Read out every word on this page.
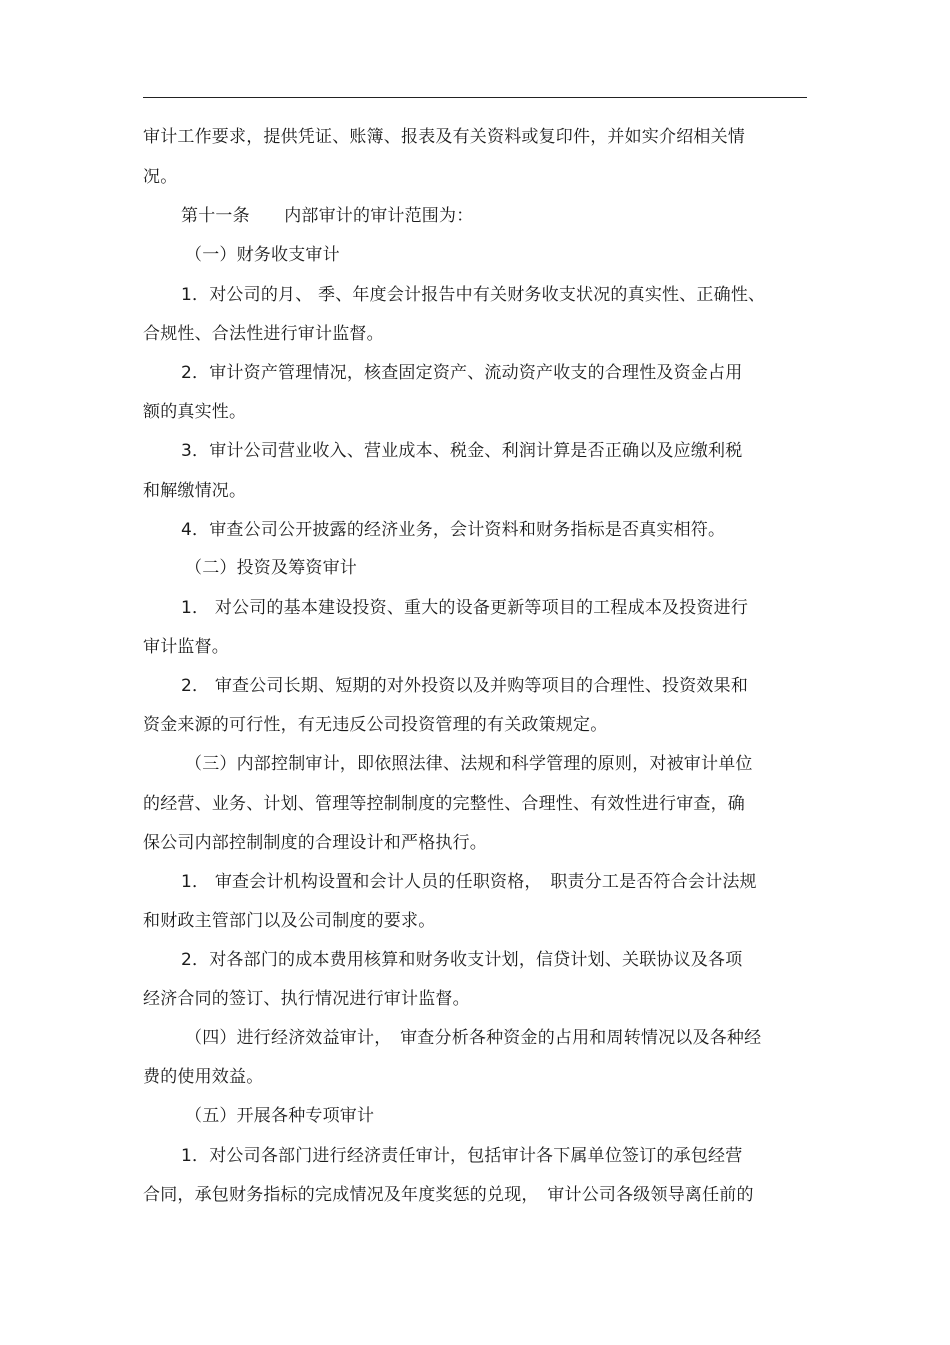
审计工作要求，提供凭证、账簿、报表及有关资料或复印件，并如实介绍相关情
况。
第十一条　　内部审计的审计范围为：
（一）财务收支审计
1．对公司的月、 季、年度会计报告中有关财务收支状况的真实性、正确性、
合规性、合法性进行审计监督。
2．审计资产管理情况，核查固定资产、流动资产收支的合理性及资金占用
额的真实性。
3．审计公司营业收入、营业成本、税金、利润计算是否正确以及应缴利税
和解缴情况。
4．审查公司公开披露的经济业务，会计资料和财务指标是否真实相符。
（二）投资及筹资审计
1． 对公司的基本建设投资、重大的设备更新等项目的工程成本及投资进行
审计监督。
2． 审查公司长期、短期的对外投资以及并购等项目的合理性、投资效果和
资金来源的可行性，有无违反公司投资管理的有关政策规定。
（三）内部控制审计，即依照法律、法规和科学管理的原则，对被审计单位
的经营、业务、计划、管理等控制制度的完整性、合理性、有效性进行审查，确
保公司内部控制制度的合理设计和严格执行。
1． 审查会计机构设置和会计人员的任职资格，　职责分工是否符合会计法规
和财政主管部门以及公司制度的要求。
2．对各部门的成本费用核算和财务收支计划，信贷计划、关联协议及各项
经济合同的签订、执行情况进行审计监督。
（四）进行经济效益审计，　审查分析各种资金的占用和周转情况以及各种经
费的使用效益。
（五）开展各种专项审计
1．对公司各部门进行经济责任审计，包括审计各下属单位签订的承包经营
合同，承包财务指标的完成情况及年度奖惩的兑现，　审计公司各级领导离任前的
